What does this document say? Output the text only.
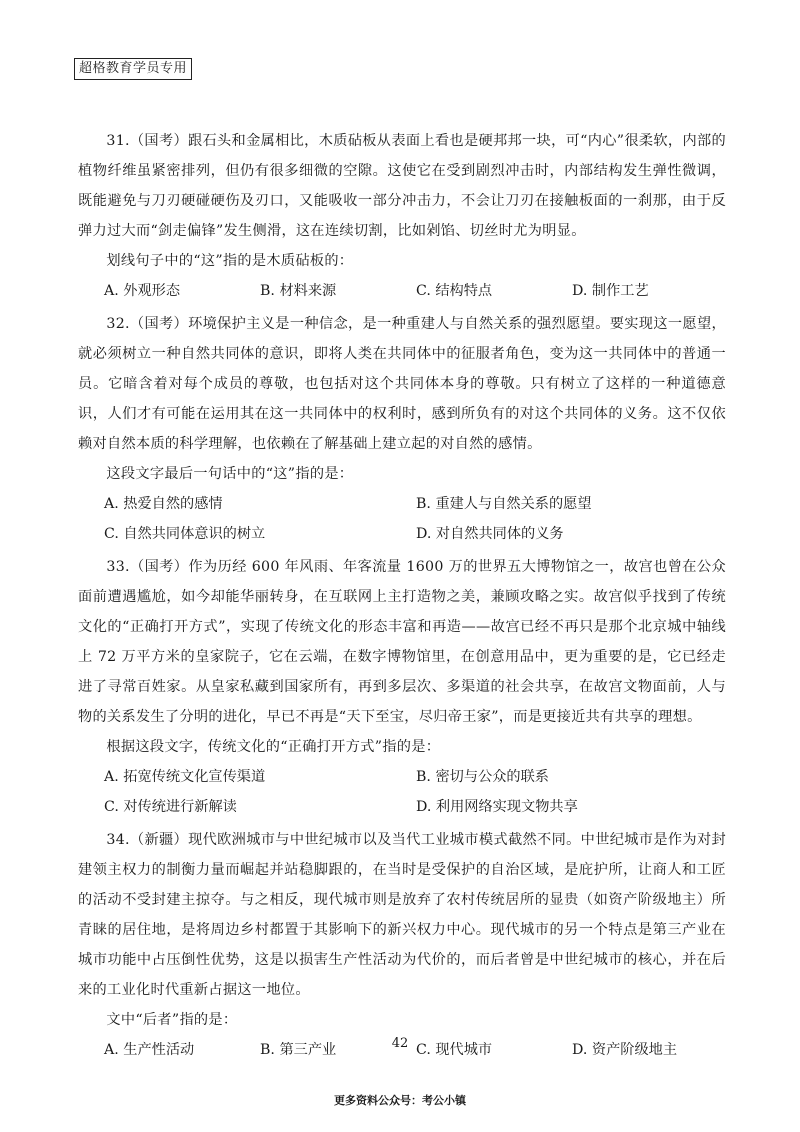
超格教育学员专用

31.（国考）跟石头和金属相比，木质砧板从表面上看也是硬邦邦一块，可“内心”很柔软，内部的植物纤维虽紧密排列，但仍有很多细微的空隙。这使它在受到剧烈冲击时，内部结构发生弹性微调，既能避免与刀刃硬碰硬伤及刃口，又能吸收一部分冲击力，不会让刀刃在接触板面的一刹那，由于反弹力过大而“剑走偏锋”发生侧滑，这在连续切割，比如剁馅、切丝时尤为明显。

划线句子中的“这”指的是木质砧板的：

A. 外观形态	B. 材料来源	C. 结构特点	D. 制作工艺

32.（国考）环境保护主义是一种信念，是一种重建人与自然关系的强烈愿望。要实现这一愿望，就必须树立一种自然共同体的意识，即将人类在共同体中的征服者角色，变为这一共同体中的普通一员。它暗含着对每个成员的尊敬，也包括对这个共同体本身的尊敬。只有树立了这样的一种道德意识，人们才有可能在运用其在这一共同体中的权利时，感到所负有的对这个共同体的义务。这不仅依赖对自然本质的科学理解，也依赖在了解基础上建立起的对自然的感情。

这段文字最后一句话中的“这”指的是：

A. 热爱自然的感情	B. 重建人与自然关系的愿望
C. 自然共同体意识的树立	D. 对自然共同体的义务

33.（国考）作为历经 600 年风雨、年客流量 1600 万的世界五大博物馆之一，故宫也曾在公众面前遭遇尴尬，如今却能华丽转身，在互联网上主打造物之美，兼顾攻略之实。故宫似乎找到了传统文化的“正确打开方式”，实现了传统文化的形态丰富和再造——故宫已经不再只是那个北京城中轴线上 72 万平方米的皇家院子，它在云端，在数字博物馆里，在创意用品中，更为重要的是，它已经走进了寻常百姓家。从皇家私藏到国家所有，再到多层次、多渠道的社会共享，在故宫文物面前，人与物的关系发生了分明的进化，早已不再是“天下至宝，尽归帝王家”，而是更接近共有共享的理想。

根据这段文字，传统文化的“正确打开方式”指的是：

A. 拓宽传统文化宣传渠道	B. 密切与公众的联系
C. 对传统进行新解读	D. 利用网络实现文物共享

34.（新疆）现代欧洲城市与中世纪城市以及当代工业城市模式截然不同。中世纪城市是作为对封建领主权力的制衡力量而崛起并站稳脚跟的，在当时是受保护的自治区域，是庇护所，让商人和工匠的活动不受封建主掠夺。与之相反，现代城市则是放弃了农村传统居所的显贵（如资产阶级地主）所青睐的居住地，是将周边乡村都置于其影响下的新兴权力中心。现代城市的另一个特点是第三产业在城市功能中占压倒性优势，这是以损害生产性活动为代价的，而后者曾是中世纪城市的核心，并在后来的工业化时代重新占据这一地位。

文中“后者”指的是：

A. 生产性活动	B. 第三产业	C. 现代城市	D. 资产阶级地主
42
更多资料公众号：考公小镇
